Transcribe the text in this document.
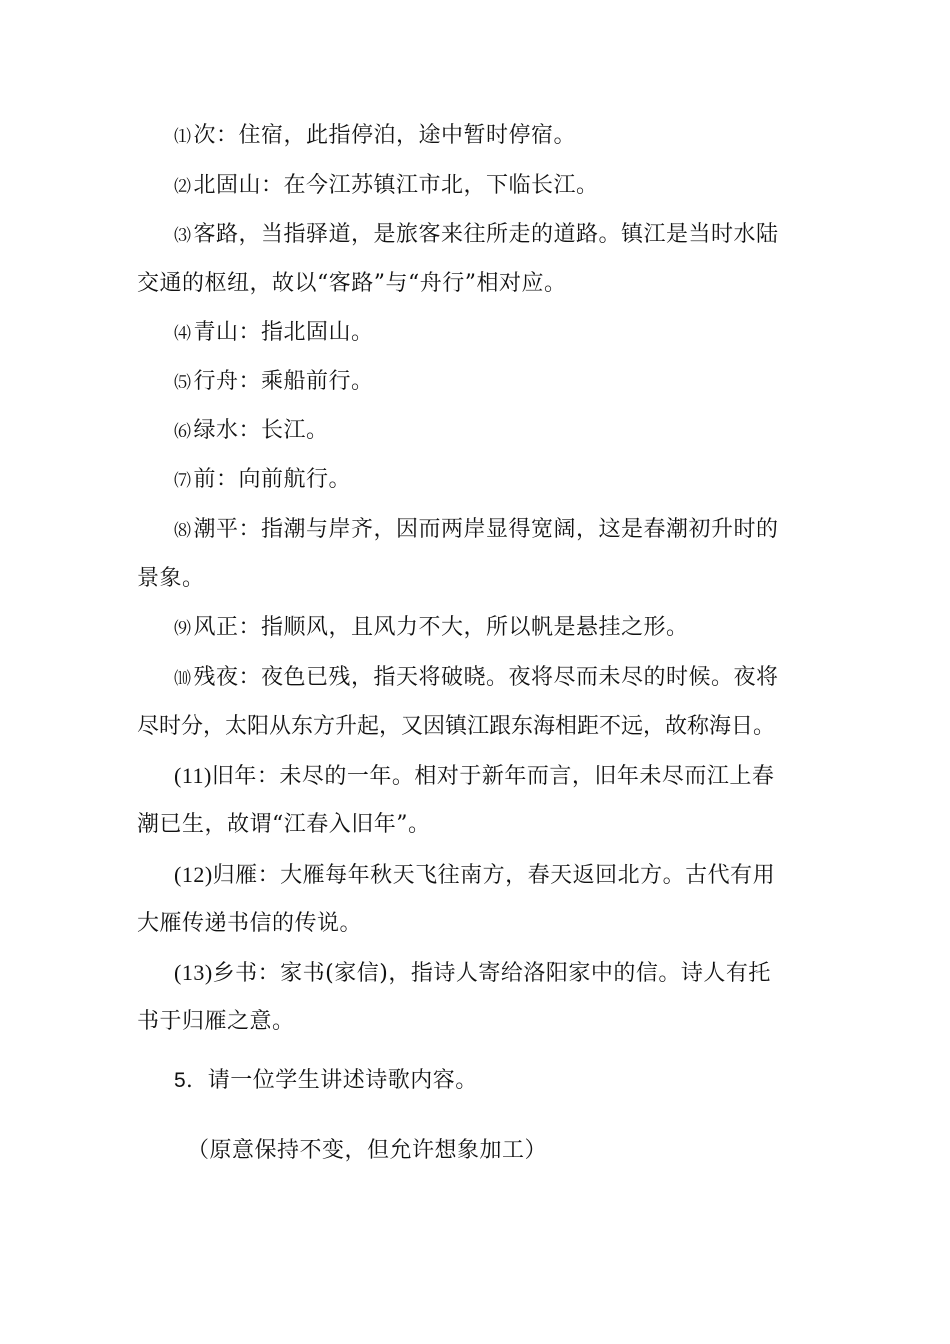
⑴次：住宿，此指停泊，途中暂时停宿。
⑵北固山：在今江苏镇江市北，下临长江。
⑶客路，当指驿道，是旅客来往所走的道路。镇江是当时水陆
交通的枢纽，故以“客路”与“舟行”相对应。
⑷青山：指北固山。
⑸行舟：乘船前行。
⑹绿水：长江。
⑺前：向前航行。
⑻潮平：指潮与岸齐，因而两岸显得宽阔，这是春潮初升时的
景象。
⑼风正：指顺风，且风力不大，所以帆是悬挂之形。
⑽残夜：夜色已残，指天将破晓。夜将尽而未尽的时候。夜将
尽时分，太阳从东方升起，又因镇江跟东海相距不远，故称海日。
(11)旧年：未尽的一年。相对于新年而言，旧年未尽而江上春
潮已生，故谓“江春入旧年”。
(12)归雁：大雁每年秋天飞往南方，春天返回北方。古代有用
大雁传递书信的传说。
(13)乡书：家书(家信)，指诗人寄给洛阳家中的信。诗人有托
书于归雁之意。
5．请一位学生讲述诗歌内容。
（原意保持不变，但允许想象加工）
